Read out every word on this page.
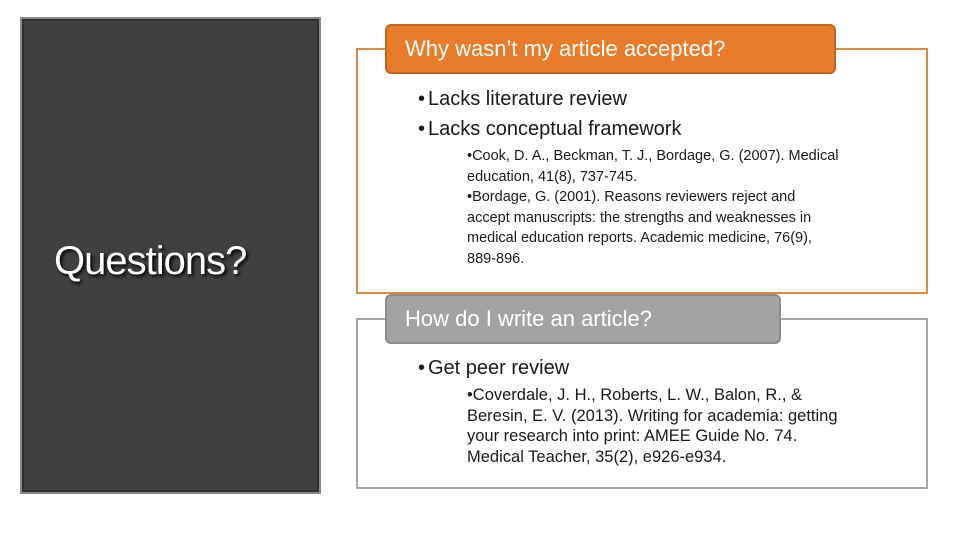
Questions?
Why wasn’t my article accepted?
• Lacks literature review
• Lacks conceptual framework
•Cook, D. A., Beckman, T. J., Bordage, G. (2007). Medical
education, 41(8), 737-745.
•Bordage, G. (2001). Reasons reviewers reject and
accept manuscripts: the strengths and weaknesses in
medical education reports. Academic medicine, 76(9),
889-896.
How do I write an article?
• Get peer review
•Coverdale, J. H., Roberts, L. W., Balon, R., &
Beresin, E. V. (2013). Writing for academia: getting
your research into print: AMEE Guide No. 74.
Medical Teacher, 35(2), e926-e934.
